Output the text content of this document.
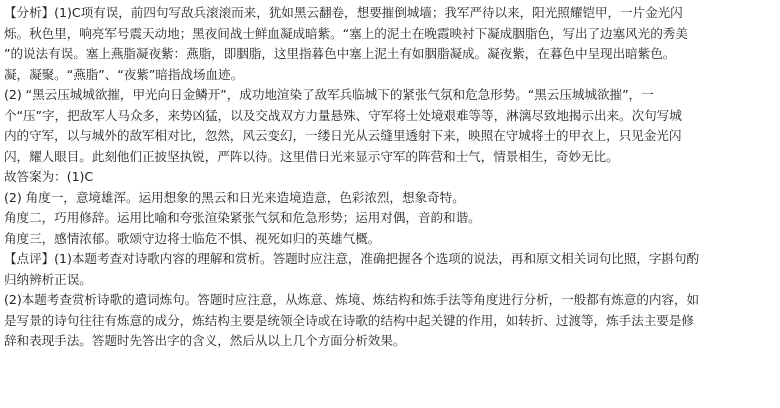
【分析】(1)C项有误，前四句写敌兵滚滚而来，犹如黑云翻卷，想要摧倒城墙；我军严待以来，阳光照耀铠甲，一片金光闪
烁。秋色里，响亮军号震天动地；黑夜间战士鲜血凝成暗紫。“塞上的泥土在晚霞映衬下凝成胭脂色，写出了边塞风光的秀美
”的说法有误。塞上燕脂凝夜紫：燕脂，即胭脂，这里指暮色中塞上泥土有如胭脂凝成。凝夜紫，在暮色中呈现出暗紫色。
凝，凝聚。“燕脂”、“夜紫”暗指战场血迹。
(2) “黑云压城城欲摧，甲光向日金鳞开”，成功地渲染了敌军兵临城下的紧张气氛和危急形势。“黑云压城城欲摧”，一
个“压”字，把敌军人马众多，来势凶猛，以及交战双方力量悬殊、守军将士处境艰难等等，淋漓尽致地揭示出来。次句写城
内的守军，以与城外的敌军相对比，忽然，风云变幻，一缕日光从云缝里透射下来，映照在守城将士的甲衣上，只见金光闪
闪，耀人眼目。此刻他们正披坚执锐，严阵以待。这里借日光来显示守军的阵营和士气，情景相生，奇妙无比。
故答案为：(1)C
(2) 角度一，意境雄浑。运用想象的黑云和日光来造境造意，色彩浓烈，想象奇特。
角度二，巧用修辞。运用比喻和夸张渲染紧张气氛和危急形势；运用对偶，音韵和谐。
角度三，感情浓郁。歌颂守边将士临危不惧、视死如归的英雄气概。
【点评】(1)本题考查对诗歌内容的理解和赏析。答题时应注意，准确把握各个选项的说法，再和原文相关词句比照，字斟句酌
归纳辨析正误。
(2)本题考查赏析诗歌的遣词炼句。答题时应注意，从炼意、炼境、炼结构和炼手法等角度进行分析，一般都有炼意的内容，如
是写景的诗句往往有炼意的成分，炼结构主要是统领全诗或在诗歌的结构中起关键的作用，如转折、过渡等，炼手法主要是修
辞和表现手法。答题时先答出字的含义，然后从以上几个方面分析效果。
